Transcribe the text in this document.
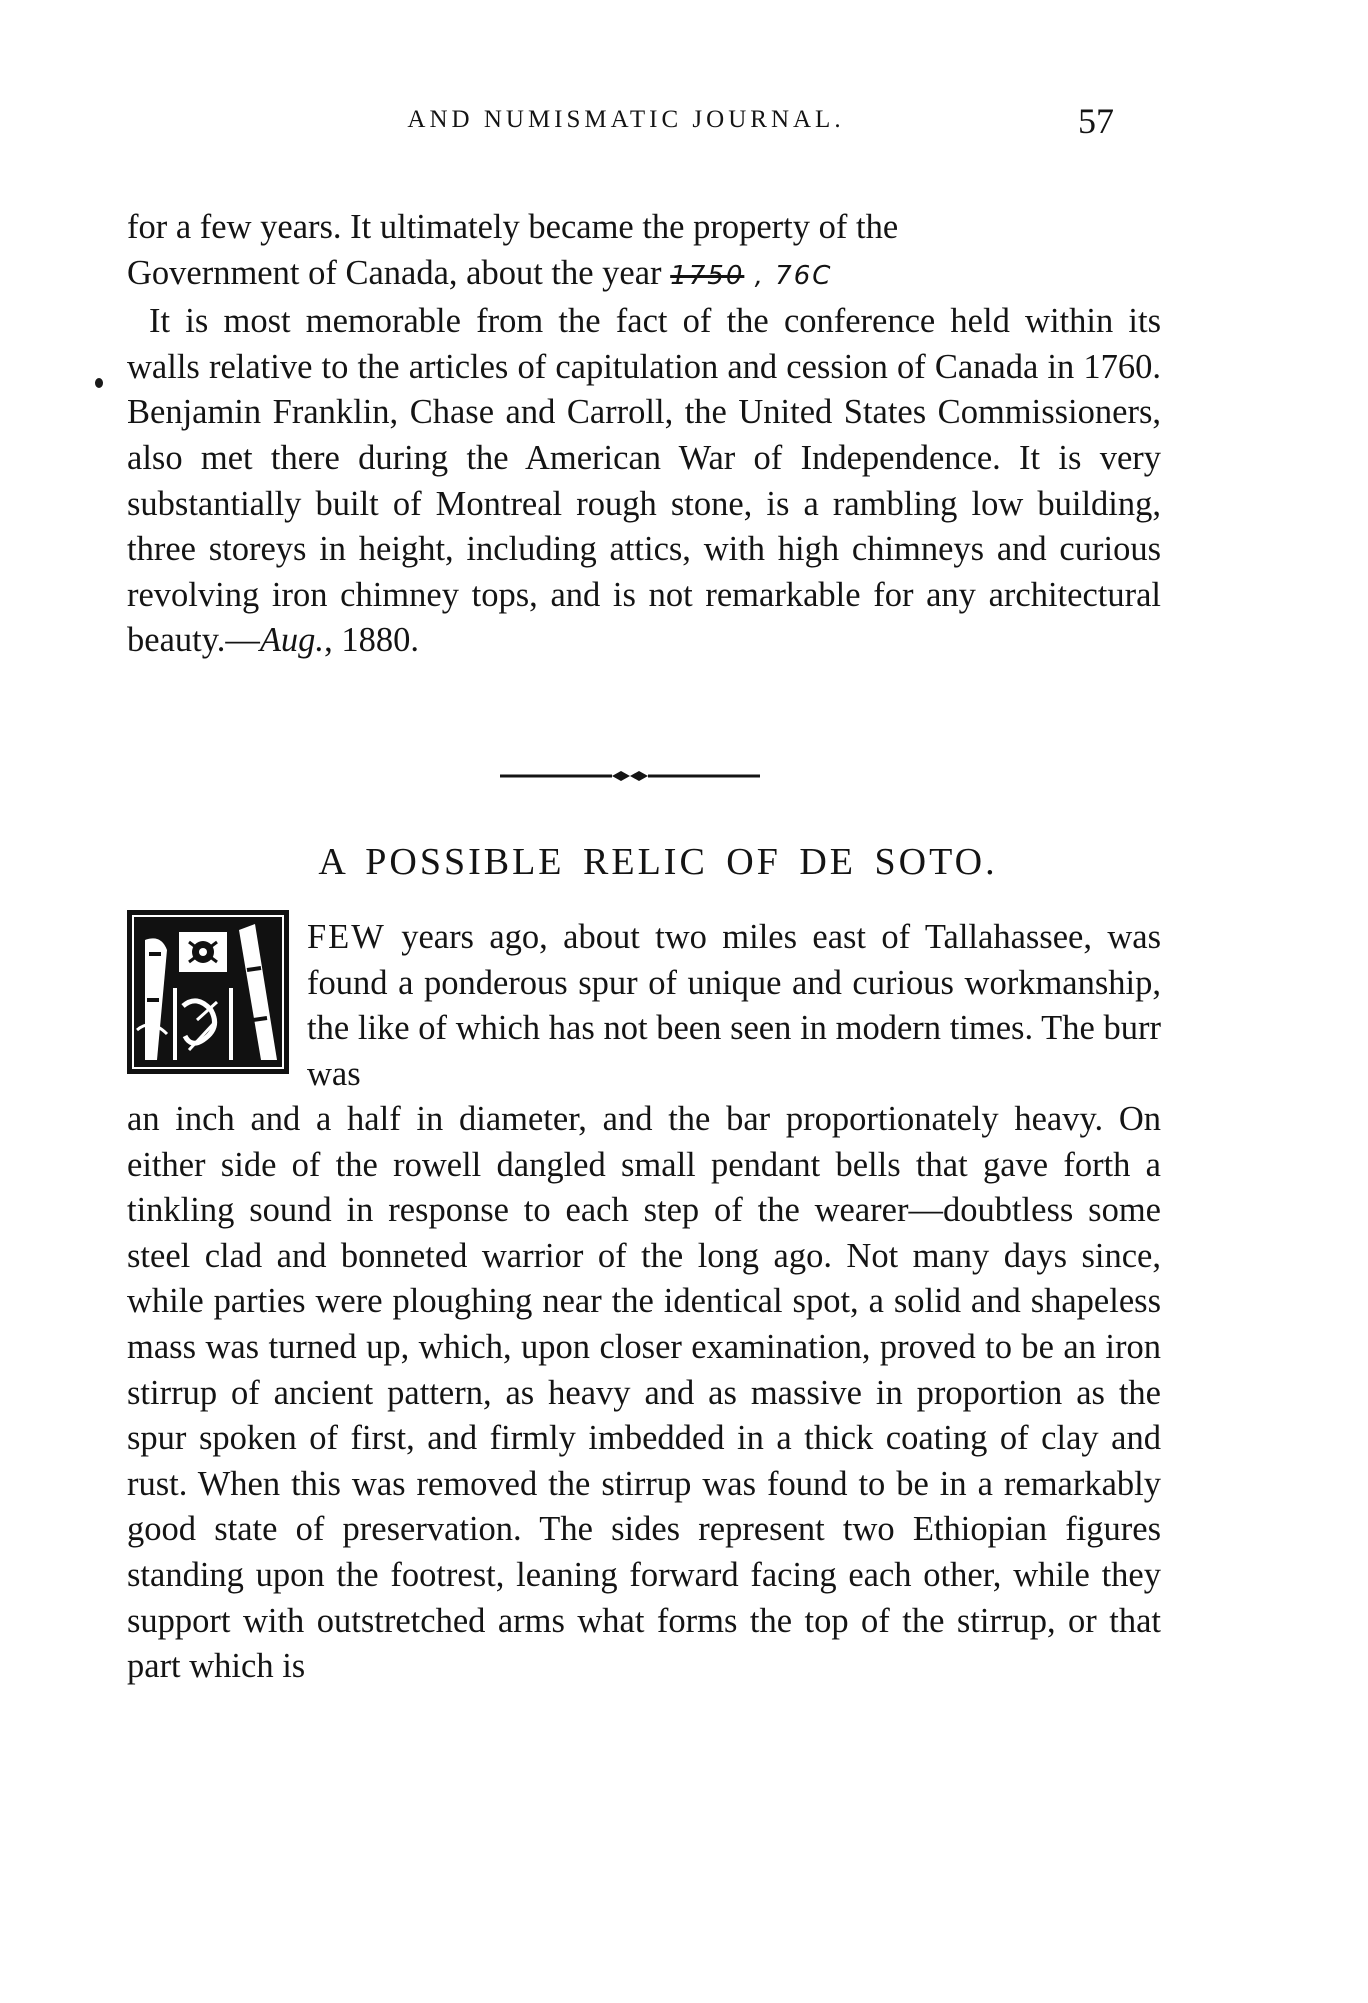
AND NUMISMATIC JOURNAL.	57

for a few years. It ultimately became the property of the

Government of Canada, about the year 1750 , 76C

It is most memorable from the fact of the conference held within its walls relative to the articles of capitulation and cession of Canada in 1760. Benjamin Franklin, Chase and Carroll, the United States Commissioners, also met there during the American War of Independence. It is very substantially built of Montreal rough stone, is a rambling low building, three storeys in height, including attics, with high chimneys and curious revolving iron chimney tops, and is not remarkable for any architectural beauty.—Aug., 1880.

A POSSIBLE RELIC OF DE SOTO.

FEW years ago, about two miles east of Tallahassee, was found a ponderous spur of unique and curious workmanship, the like of which has not been seen in modern times. The burr was

an inch and a half in diameter, and the bar proportionately heavy. On either side of the rowell dangled small pendant bells that gave forth a tinkling sound in response to each step of the wearer—doubtless some steel clad and bonneted warrior of the long ago. Not many days since, while parties were ploughing near the identical spot, a solid and shapeless mass was turned up, which, upon closer examination, proved to be an iron stirrup of ancient pattern, as heavy and as massive in proportion as the spur spoken of first, and firmly imbedded in a thick coating of clay and rust. When this was removed the stirrup was found to be in a remarkably good state of preservation. The sides represent two Ethiopian figures standing upon the footrest, leaning forward facing each other, while they support with outstretched arms what forms the top of the stirrup, or that part which is
